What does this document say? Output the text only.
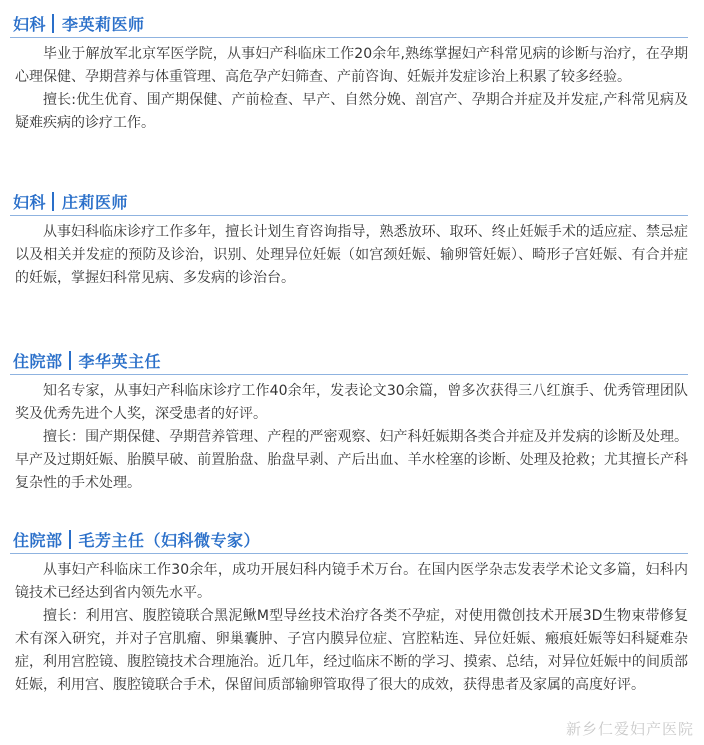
妇科 李英莉医师

毕业于解放军北京军医学院，从事妇产科临床工作20余年,熟练掌握妇产科常见病的诊断与治疗，在孕期心理保健、孕期营养与体重管理、高危孕产妇筛查、产前咨询、妊娠并发症诊治上积累了较多经验。

擅长:优生优育、围产期保健、产前检查、早产、自然分娩、剖宫产、孕期合并症及并发症,产科常见病及疑难疾病的诊疗工作。

妇科 庄莉医师

从事妇科临床诊疗工作多年，擅长计划生育咨询指导，熟悉放环、取环、终止妊娠手术的适应症、禁忌症以及相关并发症的预防及诊治，识别、处理异位妊娠（如宫颈妊娠、输卵管妊娠）、畸形子宫妊娠、有合并症的妊娠，掌握妇科常见病、多发病的诊治台。

住院部 李华英主任

知名专家，从事妇产科临床诊疗工作40余年，发表论文30余篇，曾多次获得三八红旗手、优秀管理团队奖及优秀先进个人奖，深受患者的好评。

擅长：围产期保健、孕期营养管理、产程的严密观察、妇产科妊娠期各类合并症及并发病的诊断及处理。早产及过期妊娠、胎膜早破、前置胎盘、胎盘早剥、产后出血、羊水栓塞的诊断、处理及抢救；尤其擅长产科复杂性的手术处理。

住院部 毛芳主任（妇科微专家）

从事妇产科临床工作30余年，成功开展妇科内镜手术万台。在国内医学杂志发表学术论文多篇，妇科内镜技术已经达到省内领先水平。

擅长：利用宫、腹腔镜联合黑泥鳅M型导丝技术治疗各类不孕症，对使用微创技术开展3D生物束带修复术有深入研究，并对子宫肌瘤、卵巢囊肿、子宫内膜异位症、宫腔粘连、异位妊娠、瘢痕妊娠等妇科疑难杂症，利用宫腔镜、腹腔镜技术合理施治。近几年，经过临床不断的学习、摸索、总结，对异位妊娠中的间质部妊娠，利用宫、腹腔镜联合手术，保留间质部输卵管取得了很大的成效，获得患者及家属的高度好评。

新乡仁爱妇产医院
